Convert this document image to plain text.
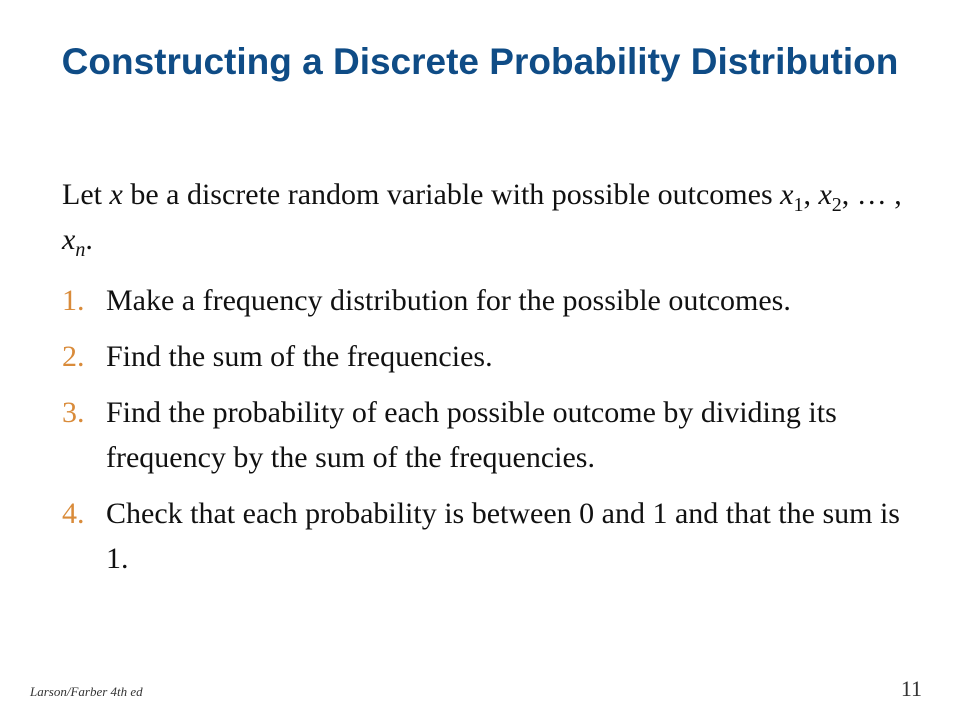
Constructing a Discrete Probability Distribution
Let x be a discrete random variable with possible outcomes $x_1$, $x_2$, … , $x_n$.
1. Make a frequency distribution for the possible outcomes.
2. Find the sum of the frequencies.
3. Find the probability of each possible outcome by dividing its frequency by the sum of the frequencies.
4. Check that each probability is between 0 and 1 and that the sum is 1.
Larson/Farber 4th ed	11
